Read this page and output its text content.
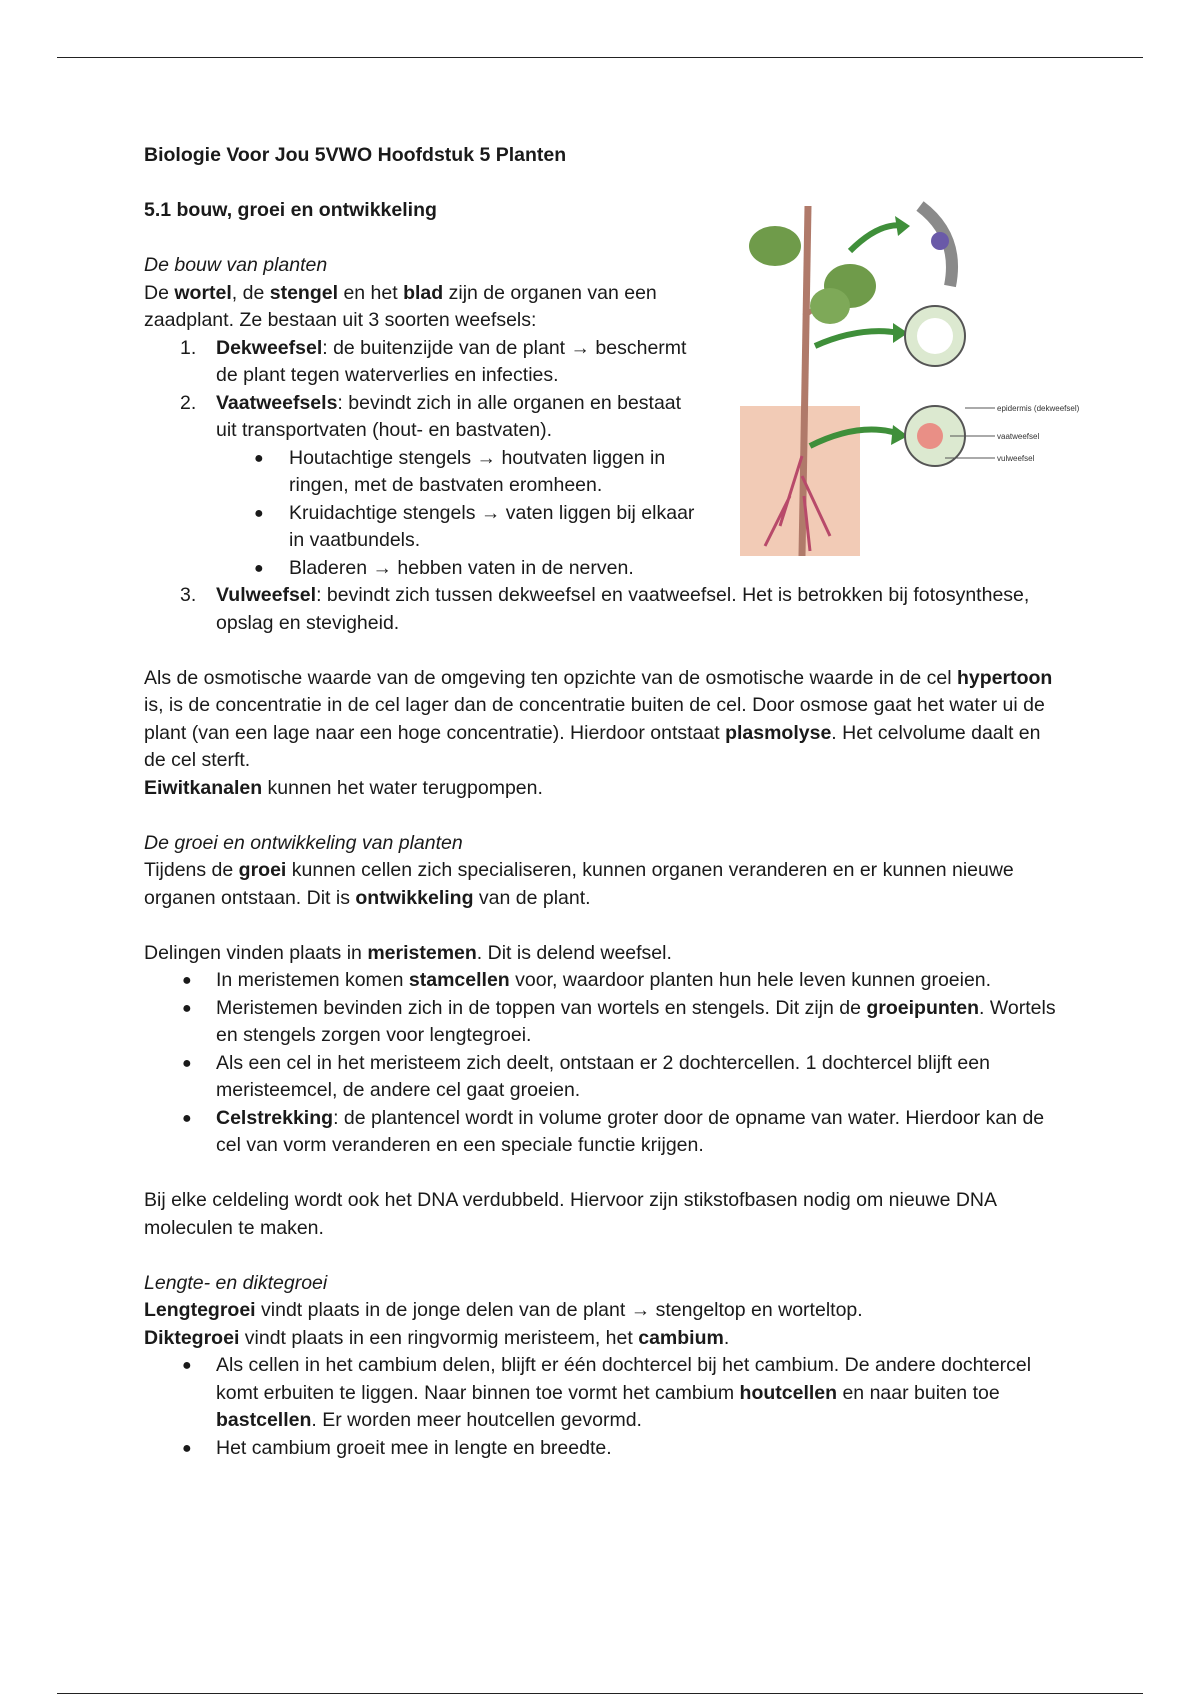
Biologie Voor Jou 5VWO Hoofdstuk 5 Planten

5.1 bouw, groei en ontwikkeling

De bouw van planten

De wortel, de stengel en het blad zijn de organen van een zaadplant. Ze bestaan uit 3 soorten weefsels:

1. Dekweefsel: de buitenzijde van de plant → beschermt de plant tegen waterverlies en infecties.

2. Vaatweefsels: bevindt zich in alle organen en bestaat uit transportvaten (hout- en bastvaten).

● Houtachtige stengels → houtvaten liggen in ringen, met de bastvaten eromheen.

● Kruidachtige stengels → vaten liggen bij elkaar in vaatbundels.

● Bladeren → hebben vaten in de nerven.

3. Vulweefsel: bevindt zich tussen dekweefsel en vaatweefsel. Het is betrokken bij fotosynthese, opslag en stevigheid.

Als de osmotische waarde van de omgeving ten opzichte van de osmotische waarde in de cel hypertoon is, is de concentratie in de cel lager dan de concentratie buiten de cel. Door osmose gaat het water ui de plant (van een lage naar een hoge concentratie). Hierdoor ontstaat plasmolyse. Het celvolume daalt en de cel sterft.
Eiwitkanalen kunnen het water terugpompen.

De groei en ontwikkeling van planten

Tijdens de groei kunnen cellen zich specialiseren, kunnen organen veranderen en er kunnen nieuwe organen ontstaan. Dit is ontwikkeling van de plant.

Delingen vinden plaats in meristemen. Dit is delend weefsel.

● In meristemen komen stamcellen voor, waardoor planten hun hele leven kunnen groeien.

● Meristemen bevinden zich in de toppen van wortels en stengels. Dit zijn de groeipunten. Wortels en stengels zorgen voor lengtegroei.

● Als een cel in het meristeem zich deelt, ontstaan er 2 dochtercellen. 1 dochtercel blijft een meristeemcel, de andere cel gaat groeien.

● Celstrekking: de plantencel wordt in volume groter door de opname van water. Hierdoor kan de cel van vorm veranderen en een speciale functie krijgen.

Bij elke celdeling wordt ook het DNA verdubbeld. Hiervoor zijn stikstofbasen nodig om nieuwe DNA moleculen te maken.

Lengte- en diktegroei

Lengtegroei vindt plaats in de jonge delen van de plant → stengeltop en worteltop.

Diktegroei vindt plaats in een ringvormig meristeem, het cambium.

● Als cellen in het cambium delen, blijft er één dochtercel bij het cambium. De andere dochtercel komt erbuiten te liggen. Naar binnen toe vormt het cambium houtcellen en naar buiten toe bastcellen. Er worden meer houtcellen gevormd.

● Het cambium groeit mee in lengte en breedte.

epidermis (dekweefsel)
vaatweefsel
vulweefsel
